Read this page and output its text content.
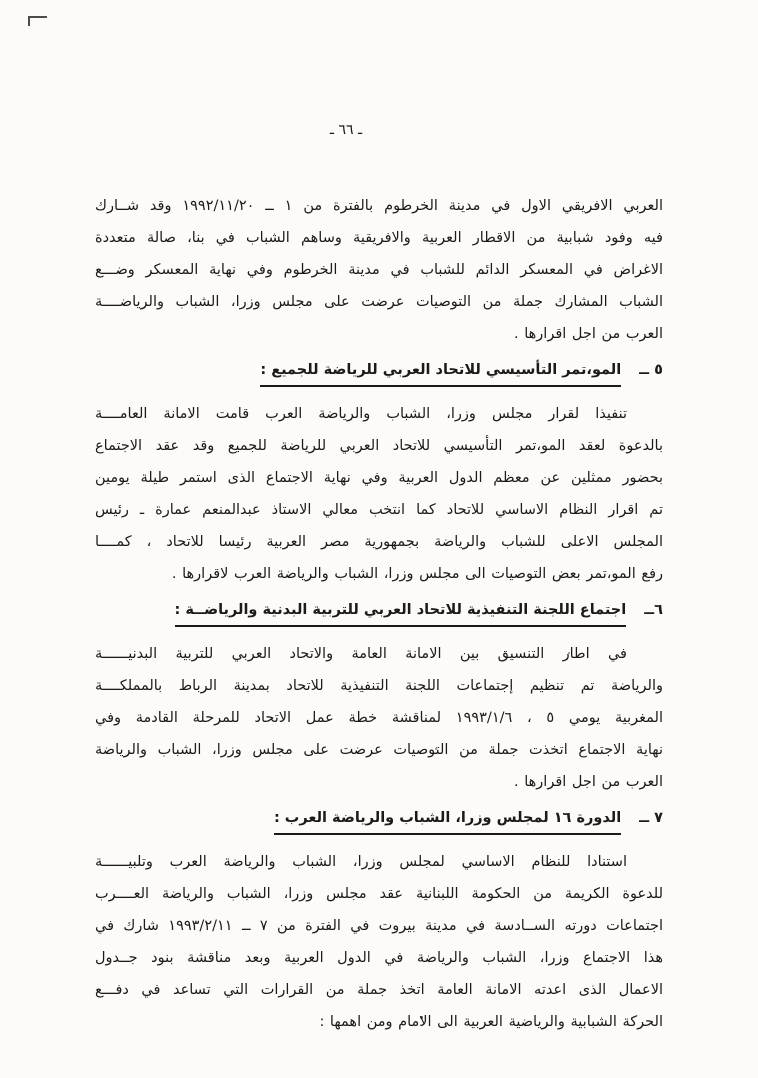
ـ ٦٦ ـ
العربي الافريقي الاول في مدينة الخرطوم بالفترة من ١ ــ ١٩٩٢/١١/٢٠ وقد شــارك
فيه وفود شبابية من الاقطار العربية والافريقية وساهم الشباب في بنا، صالة متعددة
الاغراض في المعسكر الدائم للشباب في مدينة الخرطوم وفي نهاية المعسكر وضـــع
الشباب المشارك جملة من التوصيات عرضت على مجلس وزرا، الشباب والرياضــــة
العرب من اجل اقرارها .
٥ ــ
المو،تمر التأسيسي للاتحاد العربي للرياضة للجميع :
تنفيذا لقرار مجلس وزرا، الشباب والرياضة العرب قامت الامانة العامــــة
بالدعوة لعقد المو،تمر التأسيسي للاتحاد العربي للرياضة للجميع وقد عقد الاجتماع
بحضور ممثلين عن معظم الدول العربية وفي نهاية الاجتماع الذى استمر طيلة يومين
تم اقرار النظام الاساسي للاتحاد كما انتخب معالي الاستاذ عبدالمنعم عمارة ـ رئيس
المجلس الاعلى للشباب والرياضة بجمهورية مصر العربية رئيسا للاتحاد ، كمــــا
رفع المو،تمر بعض التوصيات الى مجلس وزرا، الشباب والرياضة العرب لاقرارها .
٦ــ
اجتماع اللجنة التنفيذية للاتحاد العربي للتربية البدنية والرياضــة :
في اطار التنسيق بين الامانة العامة والاتحاد العربي للتربية البدنيــــــة
والرياضة تم تنظيم إجتماعات اللجنة التنفيذية للاتحاد بمدينة الرباط بالمملكــــة
المغربية يومي ٥ ، ١٩٩٣/١/٦ لمناقشة خطة عمل الاتحاد للمرحلة القادمة وفي
نهاية الاجتماع اتخذت جملة من التوصيات عرضت على مجلس وزرا، الشباب والرياضة
العرب من اجل اقرارها .
٧ ــ
الدورة ١٦ لمجلس وزرا، الشباب والرياضة العرب :
استنادا للنظام الاساسي لمجلس وزرا، الشباب والرياضة العرب وتلبيــــــة
للدعوة الكريمة من الحكومة اللبنانية عقد مجلس وزرا، الشباب والرياضة العــــرب
اجتماعات دورته الســادسة في مدينة بيروت في الفترة من ٧ ــ ١٩٩٣/٢/١١ شارك في
هذا الاجتماع وزرا، الشباب والرياضة في الدول العربية وبعد مناقشة بنود جــدول
الاعمال الذى اعدته الامانة العامة اتخذ جملة من القرارات التي تساعد في دفـــع
الحركة الشبابية والرياضية العربية الى الامام ومن اهمها :
